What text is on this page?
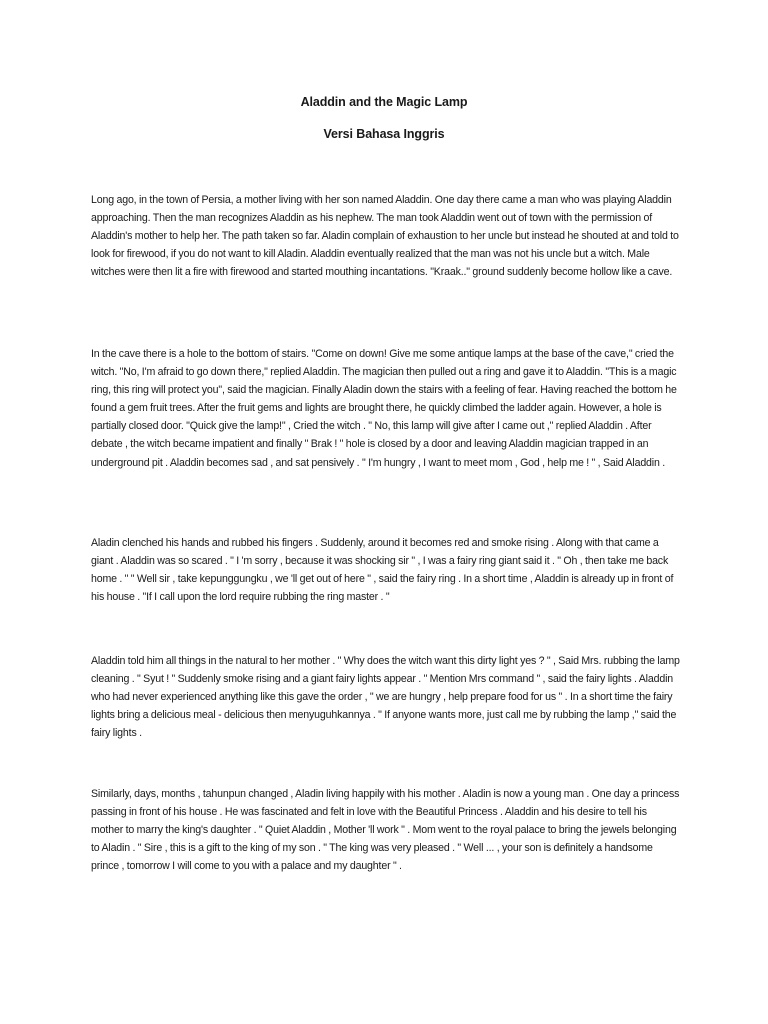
Aladdin and the Magic Lamp
Versi Bahasa Inggris

Long ago, in the town of Persia, a mother living with her son named Aladdin. One day there came a man who was playing Aladdin approaching. Then the man recognizes Aladdin as his nephew. The man took Aladdin went out of town with the permission of Aladdin's mother to help her. The path taken so far. Aladin complain of exhaustion to her uncle but instead he shouted at and told to look for firewood, if you do not want to kill Aladin. Aladdin eventually realized that the man was not his uncle but a witch. Male witches were then lit a fire with firewood and started mouthing incantations. "Kraak.." ground suddenly become hollow like a cave.

In the cave there is a hole to the bottom of stairs. "Come on down! Give me some antique lamps at the base of the cave," cried the witch. "No, I'm afraid to go down there," replied Aladdin. The magician then pulled out a ring and gave it to Aladdin. "This is a magic ring, this ring will protect you", said the magician. Finally Aladin down the stairs with a feeling of fear. Having reached the bottom he found a gem fruit trees. After the fruit gems and lights are brought there, he quickly climbed the ladder again. However, a hole is partially closed door. "Quick give the lamp!" , Cried the witch . " No, this lamp will give after I came out ," replied Aladdin . After debate , the witch became impatient and finally " Brak ! " hole is closed by a door and leaving Aladdin magician trapped in an underground pit . Aladdin becomes sad , and sat pensively . " I'm hungry , I want to meet mom , God , help me ! " , Said Aladdin .

Aladin clenched his hands and rubbed his fingers . Suddenly, around it becomes red and smoke rising . Along with that came a giant . Aladdin was so scared . " I 'm sorry , because it was shocking sir " , I was a fairy ring giant said it . " Oh , then take me back home . " " Well sir , take kepunggungku , we 'll get out of here " , said the fairy ring . In a short time , Aladdin is already up in front of his house . "If I call upon the lord require rubbing the ring master . "

Aladdin told him all things in the natural to her mother . " Why does the witch want this dirty light yes ? " , Said Mrs. rubbing the lamp cleaning . " Syut ! " Suddenly smoke rising and a giant fairy lights appear . " Mention Mrs command " , said the fairy lights . Aladdin who had never experienced anything like this gave the order , " we are hungry , help prepare food for us " . In a short time the fairy lights bring a delicious meal - delicious then menyuguhkannya . " If anyone wants more, just call me by rubbing the lamp ," said the fairy lights .

Similarly, days, months , tahunpun changed , Aladin living happily with his mother . Aladin is now a young man . One day a princess passing in front of his house . He was fascinated and felt in love with the Beautiful Princess . Aladdin and his desire to tell his mother to marry the king's daughter . " Quiet Aladdin , Mother 'll work " . Mom went to the royal palace to bring the jewels belonging to Aladin . " Sire , this is a gift to the king of my son . " The king was very pleased . " Well ... , your son is definitely a handsome prince , tomorrow I will come to you with a palace and my daughter " .
